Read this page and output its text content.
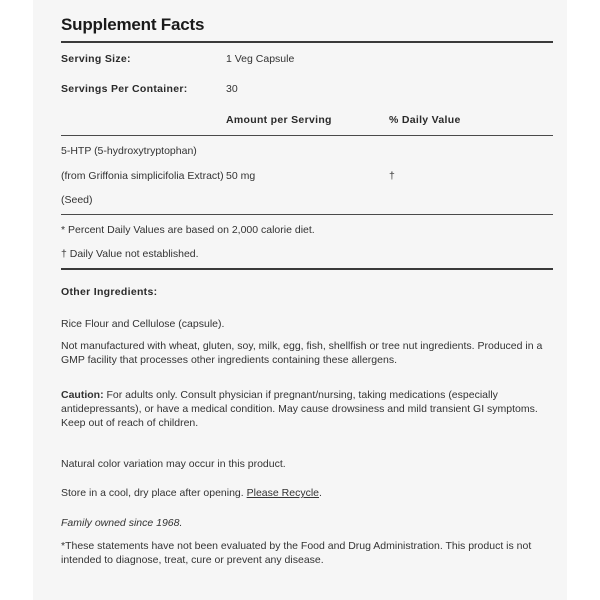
Supplement Facts
Serving Size:	1 Veg Capsule
Servings Per Container:	30
Amount per Serving	% Daily Value
5-HTP (5-hydroxytryptophan)
(from Griffonia simplicifolia Extract) 50 mg	†
(Seed)
* Percent Daily Values are based on 2,000 calorie diet.
† Daily Value not established.
Other Ingredients:
Rice Flour and Cellulose (capsule).
Not manufactured with wheat, gluten, soy, milk, egg, fish, shellfish or tree nut ingredients. Produced in a GMP facility that processes other ingredients containing these allergens.
Caution: For adults only. Consult physician if pregnant/nursing, taking medications (especially antidepressants), or have a medical condition. May cause drowsiness and mild transient GI symptoms. Keep out of reach of children.
Natural color variation may occur in this product.
Store in a cool, dry place after opening. Please Recycle.
Family owned since 1968.
*These statements have not been evaluated by the Food and Drug Administration. This product is not intended to diagnose, treat, cure or prevent any disease.
